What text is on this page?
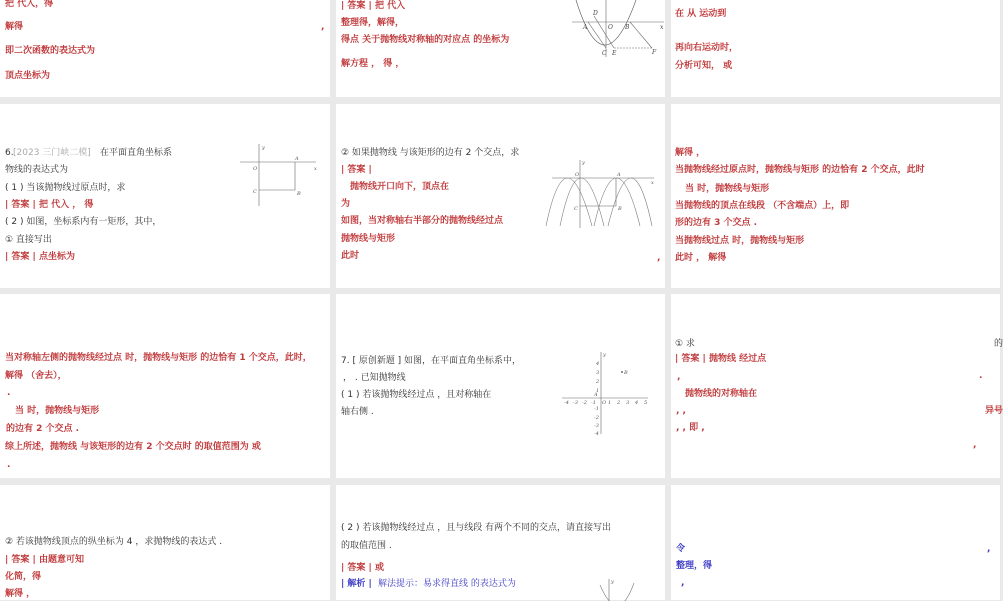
把 代入，得
解得	,
即二次函数的表达式为
顶点坐标为
| 答案 | 把 代入
整理得，解得，
得点 关于抛物线对称轴的对应点 的坐标为
解方程 ， 得 ，
D
A	O B	x
C E	F
在 从 运动到
再向右运动时，
分析可知， 或
6. [2023 三门峡二模] 在平面直角坐标系
物线的表达式为
( 1 ) 当该抛物线过原点时，求
| 答案 | 把 代入 ， 得
( 2 ) 如图，坐标系内有一矩形，其中，
① 直接写出
| 答案 | 点坐标为
y
O
A
x
C	B
② 如果抛物线 与该矩形的边有 2 个交点，求
| 答案 |
抛物线开口向下，顶点在
为
如图，当对称轴右半部分的抛物线经过点
抛物线与矩形
此时	,
y
O	A
x
C	B
解得 ，
当抛物线经过原点时，抛物线与矩形 的边恰有 2 个交点，此时
当 时，抛物线与矩形
当抛物线的顶点在线段 （不含端点）上，即
形的边有 3 个交点 .
当抛物线过点 时，抛物线与矩形
此时 ， 解得
当对称轴左侧的抛物线经过点 时，抛物线与矩形 的边恰有 1 个交点，此时，
解得 （舍去），
.
当 时，抛物线与矩形
的边有 2 个交点 .
综上所述，抛物线 与该矩形的边有 2 个交点时 的取值范围为 或
.
7. [ 原创新题 ] 如图，在平面直角坐标系中，
， . 已知抛物线
( 1 ) 若该抛物线经过点 ，且对称轴在
轴右侧 .
y
B
A
O
-4 -3 -2 -1 1 2 3 4 5
4
3
2
1
-1
-2
-3
-4
① 求	的
| 答案 | 抛物线 经过点
,	.
抛物线的对称轴在
, ,	异号
, , 即 ,
,
② 若该抛物线顶点的纵坐标为 4 ，求抛物线的表达式 .
| 答案 | 由题意可知
化简，得
解得 ，
( 2 ) 若该抛物线经过点 ，且与线段 有两个不同的交点，请直接写出
的取值范围 .
| 答案 | 或
| 解析 | 解法提示：易求得直线 的表达式为	y
令	,
整理，得
,
